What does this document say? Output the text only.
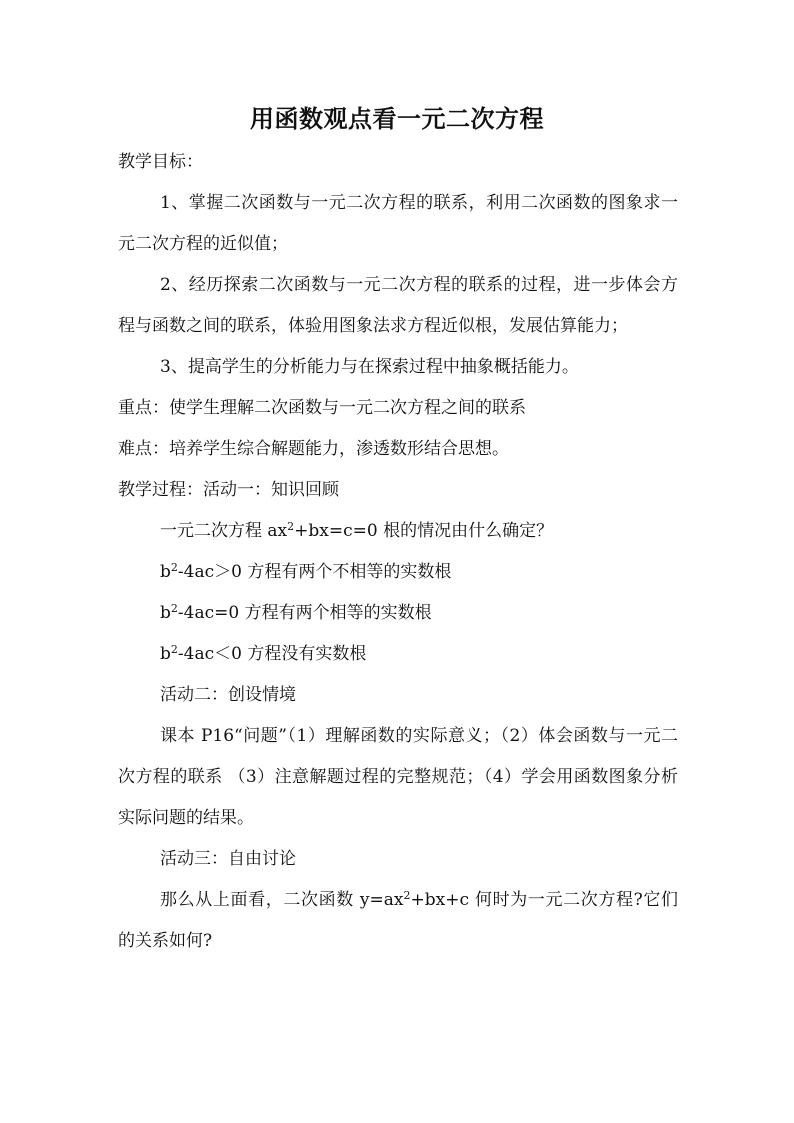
用函数观点看一元二次方程
教学目标：
1、掌握二次函数与一元二次方程的联系，利用二次函数的图象求一元二次方程的近似值；
2、经历探索二次函数与一元二次方程的联系的过程，进一步体会方程与函数之间的联系，体验用图象法求方程近似根，发展估算能力；
3、提高学生的分析能力与在探索过程中抽象概括能力。
重点：使学生理解二次函数与一元二次方程之间的联系
难点：培养学生综合解题能力，渗透数形结合思想。
教学过程：活动一：知识回顾
一元二次方程 $ax^2+bx=c=0$ 根的情况由什么确定？
$b^2-4ac>0$ 方程有两个不相等的实数根
$b^2-4ac=0$ 方程有两个相等的实数根
$b^2-4ac<0$ 方程没有实数根
活动二：创设情境
课本 P16“问题”（1）理解函数的实际意义；（2）体会函数与一元二次方程的联系 （3）注意解题过程的完整规范；（4）学会用函数图象分析实际问题的结果。
活动三：自由讨论
那么从上面看，二次函数 $y=ax^2+bx+c$ 何时为一元二次方程?它们的关系如何?
